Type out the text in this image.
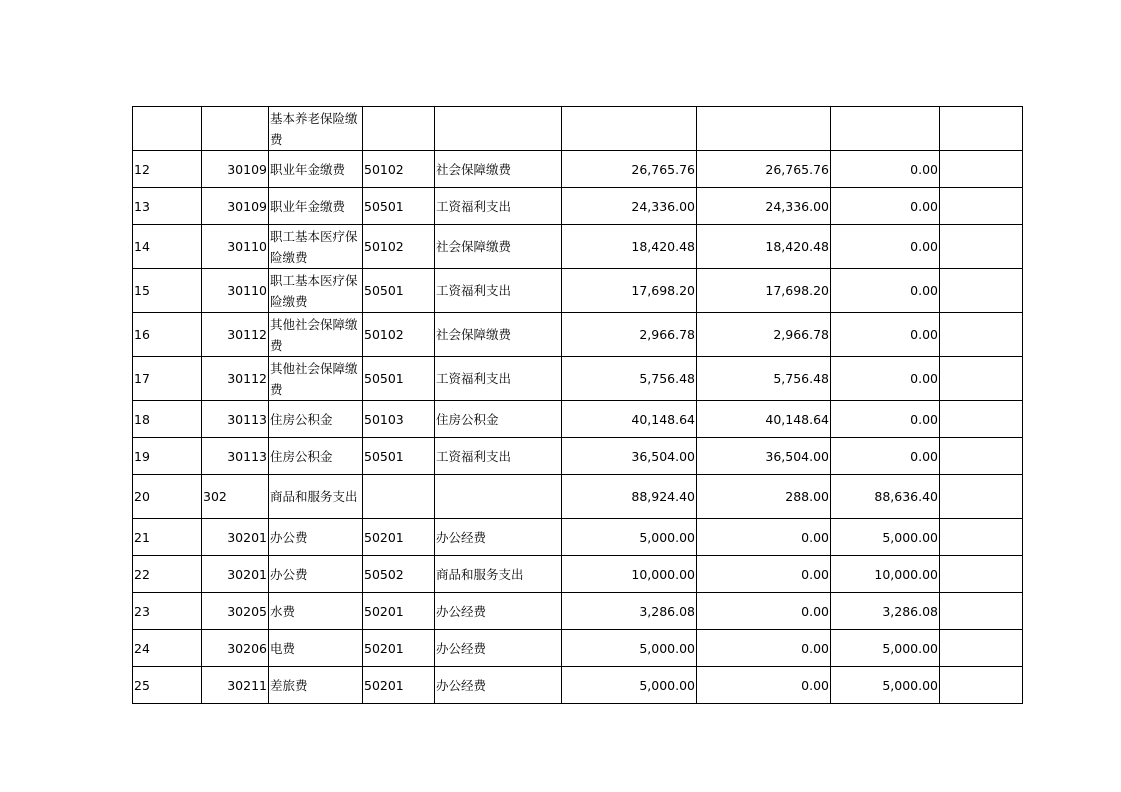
		基本养老保险缴费						
12	30109	职业年金缴费	50102	社会保障缴费	26,765.76	26,765.76	0.00	
13	30109	职业年金缴费	50501	工资福利支出	24,336.00	24,336.00	0.00	
14	30110	职工基本医疗保险缴费	50102	社会保障缴费	18,420.48	18,420.48	0.00	
15	30110	职工基本医疗保险缴费	50501	工资福利支出	17,698.20	17,698.20	0.00	
16	30112	其他社会保障缴费	50102	社会保障缴费	2,966.78	2,966.78	0.00	
17	30112	其他社会保障缴费	50501	工资福利支出	5,756.48	5,756.48	0.00	
18	30113	住房公积金	50103	住房公积金	40,148.64	40,148.64	0.00	
19	30113	住房公积金	50501	工资福利支出	36,504.00	36,504.00	0.00	
20	302	商品和服务支出			88,924.40	288.00	88,636.40	
21	30201	办公费	50201	办公经费	5,000.00	0.00	5,000.00	
22	30201	办公费	50502	商品和服务支出	10,000.00	0.00	10,000.00	
23	30205	水费	50201	办公经费	3,286.08	0.00	3,286.08	
24	30206	电费	50201	办公经费	5,000.00	0.00	5,000.00	
25	30211	差旅费	50201	办公经费	5,000.00	0.00	5,000.00	
